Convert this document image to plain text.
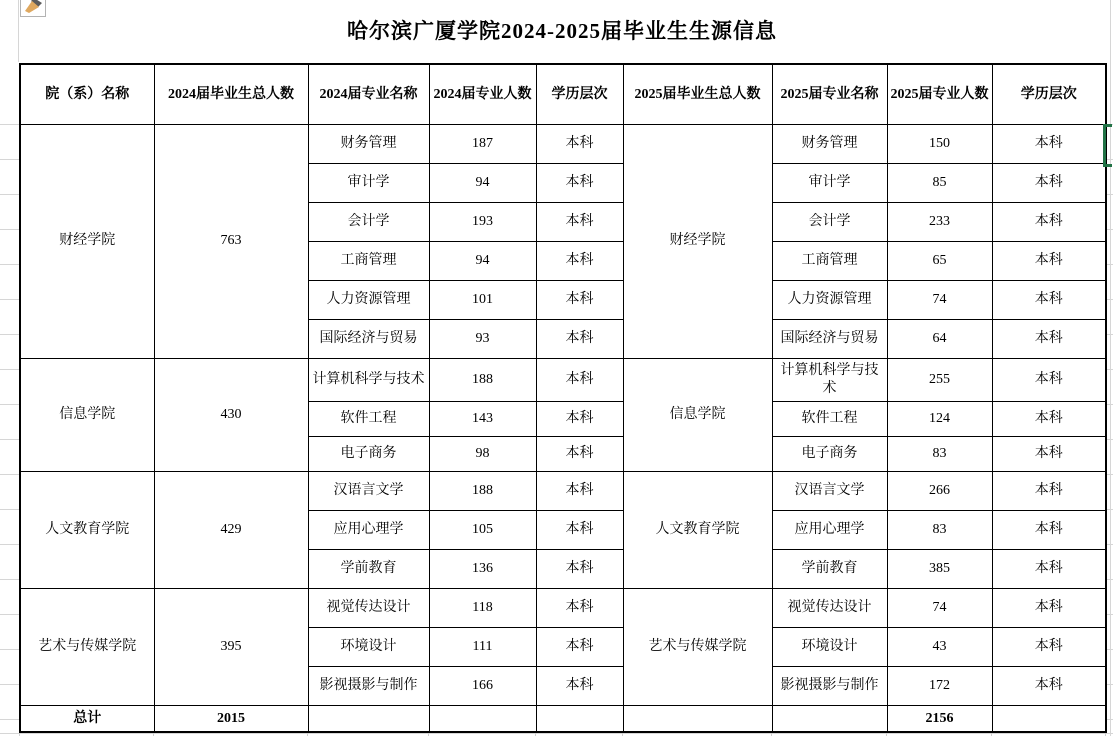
哈尔滨广厦学院2024-2025届毕业生生源信息
院（系）名称	2024届毕业生总人数	2024届专业名称	2024届专业人数	学历层次	2025届毕业生总人数	2025届专业名称	2025届专业人数	学历层次
财经学院	763	财务管理	187	本科	财经学院	财务管理	150	本科
		审计学	94	本科		审计学	85	本科
		会计学	193	本科		会计学	233	本科
		工商管理	94	本科		工商管理	65	本科
		人力资源管理	101	本科		人力资源管理	74	本科
		国际经济与贸易	93	本科		国际经济与贸易	64	本科
信息学院	430	计算机科学与技术	188	本科	信息学院	计算机科学与技术	255	本科
		软件工程	143	本科		软件工程	124	本科
		电子商务	98	本科		电子商务	83	本科
人文教育学院	429	汉语言文学	188	本科	人文教育学院	汉语言文学	266	本科
		应用心理学	105	本科		应用心理学	83	本科
		学前教育	136	本科		学前教育	385	本科
艺术与传媒学院	395	视觉传达设计	118	本科	艺术与传媒学院	视觉传达设计	74	本科
		环境设计	111	本科		环境设计	43	本科
		影视摄影与制作	166	本科		影视摄影与制作	172	本科
总计	2015						2156	
